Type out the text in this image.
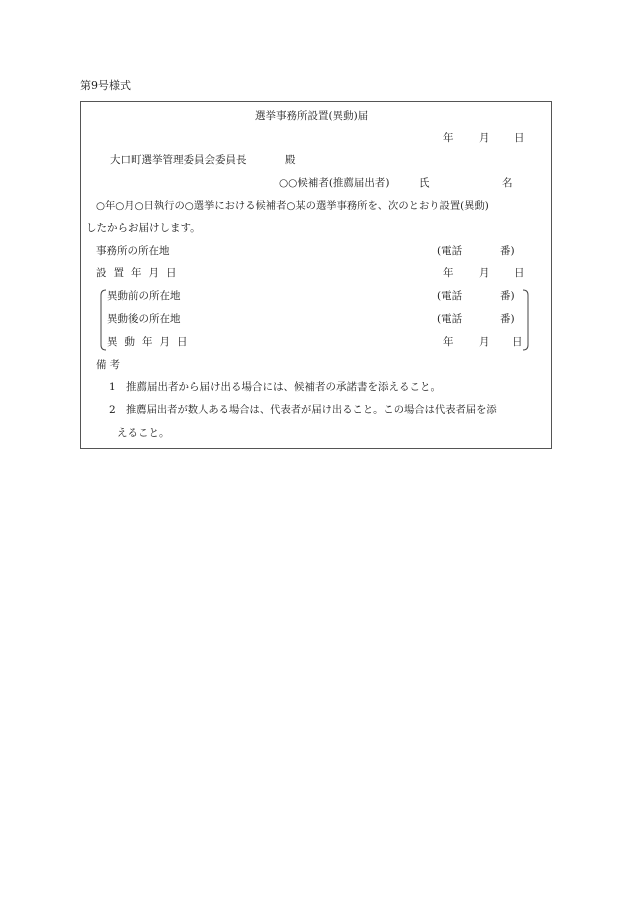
第9号様式
選挙事務所設置(異動)届
年 月 日
大口町選挙管理委員会委員長	殿
○○候補者(推薦届出者)	氏	名
○年○月○日執行の○選挙における候補者○某の選挙事務所を、次のとおり設置(異動)
したからお届けします。
事務所の所在地	(電話	番)
設置年月日	年 月 日
異動前の所在地	(電話	番)
異動後の所在地	(電話	番)
異動年月日	年 月 日
備考
1 推薦届出者から届け出る場合には、候補者の承諾書を添えること。
2 推薦届出者が数人ある場合は、代表者が届け出ること。この場合は代表者届を添
えること。
